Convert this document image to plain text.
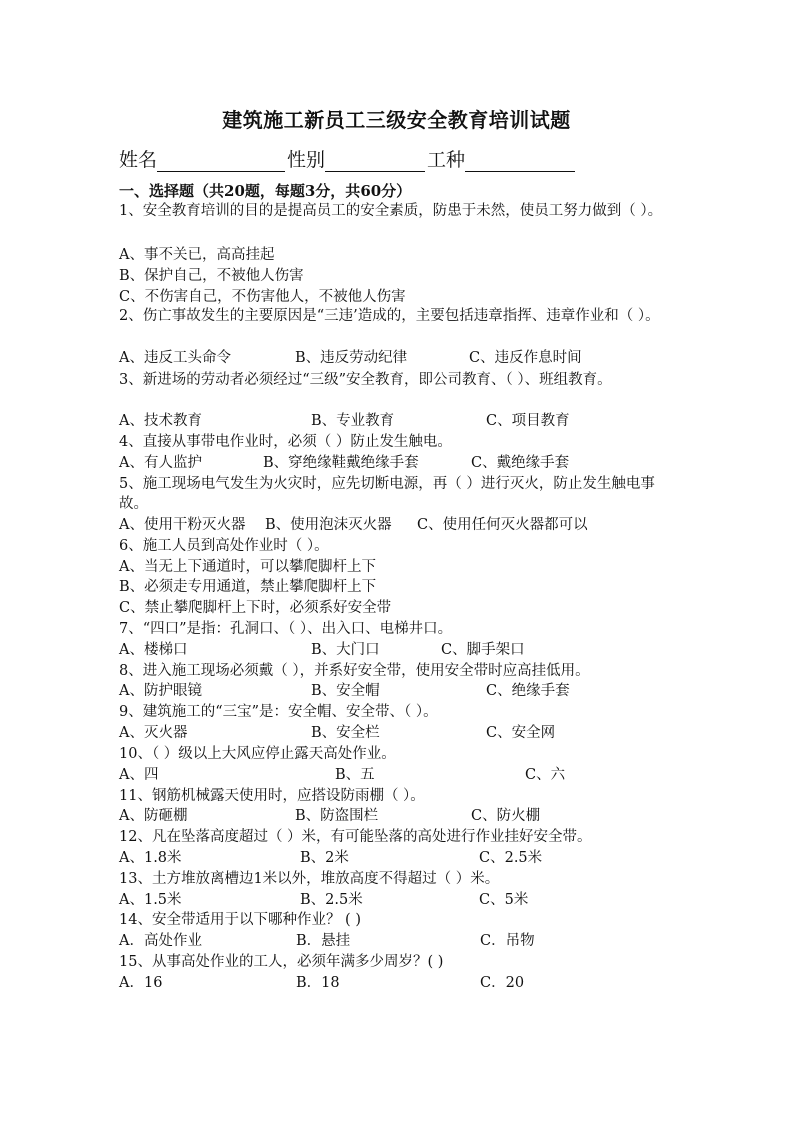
建筑施工新员工三级安全教育培训试题
姓名	性别	工种
一、选择题（共20题，每题3分，共60分）
1、安全教育培训的目的是提高员工的安全素质，防患于未然，使员工努力做到（ ）。
A、事不关已，高高挂起
B、保护自己，不被他人伤害
C、不伤害自己，不伤害他人，不被他人伤害
2、伤亡事故发生的主要原因是“三违’造成的，主要包括违章指挥、违章作业和（ ）。
A、违反工头命令	B、违反劳动纪律	C、违反作息时间
3、新进场的劳动者必须经过“三级”安全教育，即公司教育、（ ）、班组教育。
A、技术教育	B、专业教育	C、项目教育
4、直接从事带电作业时，必须（ ）防止发生触电。
A、有人监护	B、穿绝缘鞋戴绝缘手套	C、戴绝缘手套
5、施工现场电气发生为火灾时，应先切断电源，再（ ）进行灭火，防止发生触电事故。
A、使用干粉灭火器 B、使用泡沫灭火器 C、使用任何灭火器都可以
6、施工人员到高处作业时（ ）。
A、当无上下通道时，可以攀爬脚杆上下
B、必须走专用通道，禁止攀爬脚杆上下
C、禁止攀爬脚杆上下时，必须系好安全带
7、“四口”是指：孔洞口、（ ）、出入口、电梯井口。
A、楼梯口	B、大门口	C、脚手架口
8、进入施工现场必须戴（ ），并系好安全带，使用安全带时应高挂低用。
A、防护眼镜	B、安全帽	C、绝缘手套
9、建筑施工的“三宝”是：安全帽、安全带、（ ）。
A、灭火器	B、安全栏	C、安全网
10、（ ）级以上大风应停止露天高处作业。
A、四	B、五	C、六
11、钢筋机械露天使用时，应搭设防雨棚（ ）。
A、防砸棚	B、防盗围栏	C、防火棚
12、凡在坠落高度超过（ ）米，有可能坠落的高处进行作业挂好安全带。
A、1.8米	B、2米	C、2.5米
13、土方堆放离槽边1米以外，堆放高度不得超过（ ）米。
A、1.5米	B、2.5米	C、5米
14、安全带适用于以下哪种作业？ ( )
A．高处作业	B．悬挂	C．吊物
15、从事高处作业的工人，必须年满多少周岁？( )
A．16	B．18	C．20
